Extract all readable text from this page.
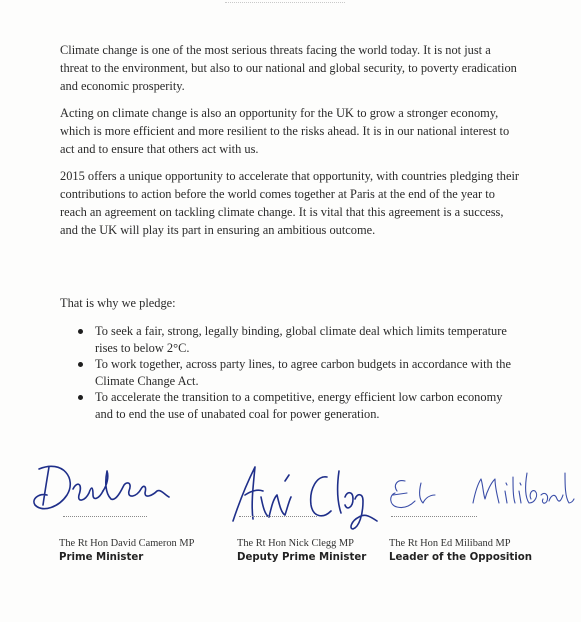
Climate change is one of the most serious threats facing the world today. It is not just a threat to the environment, but also to our national and global security, to poverty eradication and economic prosperity.

Acting on climate change is also an opportunity for the UK to grow a stronger economy, which is more efficient and more resilient to the risks ahead. It is in our national interest to act and to ensure that others act with us.

2015 offers a unique opportunity to accelerate that opportunity, with countries pledging their contributions to action before the world comes together at Paris at the end of the year to reach an agreement on tackling climate change. It is vital that this agreement is a success, and the UK will play its part in ensuring an ambitious outcome.

That is why we pledge:
To seek a fair, strong, legally binding, global climate deal which limits temperature rises to below 2°C.
To work together, across party lines, to agree carbon budgets in accordance with the Climate Change Act.
To accelerate the transition to a competitive, energy efficient low carbon economy and to end the use of unabated coal for power generation.
The Rt Hon David Cameron MP
Prime Minister
The Rt Hon Nick Clegg MP
Deputy Prime Minister
The Rt Hon Ed Miliband MP
Leader of the Opposition
